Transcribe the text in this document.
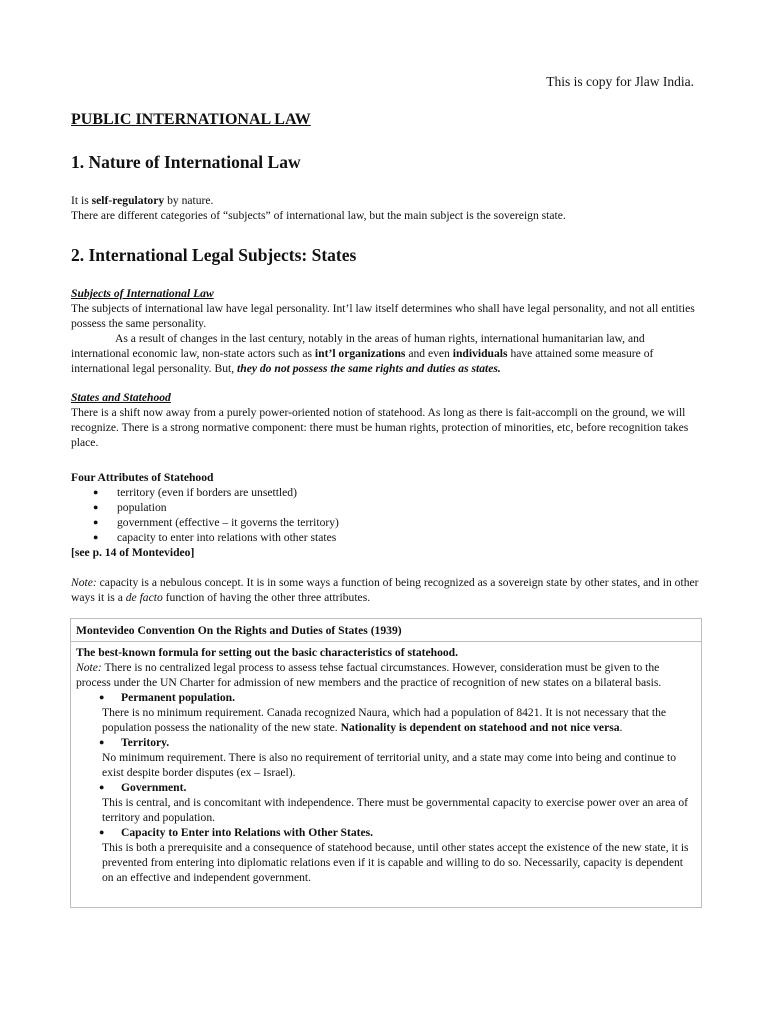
This is copy for Jlaw India.
PUBLIC INTERNATIONAL LAW
1. Nature of International Law

It is self-regulatory by nature.

There are different categories of “subjects” of international law, but the main subject is the sovereign state.

2. International Legal Subjects: States

Subjects of International Law

The subjects of international law have legal personality. Int’l law itself determines who shall have legal personality, and not all entities possess the same personality.

As a result of changes in the last century, notably in the areas of human rights, international humanitarian law, and international economic law, non-state actors such as int’l organizations and even individuals have attained some measure of international legal personality. But, they do not possess the same rights and duties as states.

States and Statehood

There is a shift now away from a purely power-oriented notion of statehood. As long as there is fait-accompli on the ground, we will recognize. There is a strong normative component: there must be human rights, protection of minorities, etc, before recognition takes place.

Four Attributes of Statehood

● territory (even if borders are unsettled)
● population
● government (effective – it governs the territory)
● capacity to enter into relations with other states

[see p. 14 of Montevideo]

Note: capacity is a nebulous concept. It is in some ways a function of being recognized as a sovereign state by other states, and in other ways it is a de facto function of having the other three attributes.

Montevideo Convention On the Rights and Duties of States (1939)

The best-known formula for setting out the basic characteristics of statehood.

Note: There is no centralized legal process to assess tehse factual circumstances. However, consideration must be given to the process under the UN Charter for admission of new members and the practice of recognition of new states on a bilateral basis.

● Permanent population.

There is no minimum requirement. Canada recognized Naura, which had a population of 8421. It is not necessary that the population possess the nationality of the new state. Nationality is dependent on statehood and not nice versa.

● Territory.

No minimum requirement. There is also no requirement of territorial unity, and a state may come into being and continue to exist despite border disputes (ex – Israel).

● Government.

This is central, and is concomitant with independence. There must be governmental capacity to exercise power over an area of territory and population.

● Capacity to Enter into Relations with Other States.

This is both a prerequisite and a consequence of statehood because, until other states accept the existence of the new state, it is prevented from entering into diplomatic relations even if it is capable and willing to do so. Necessarily, capacity is dependent on an effective and independent government.
